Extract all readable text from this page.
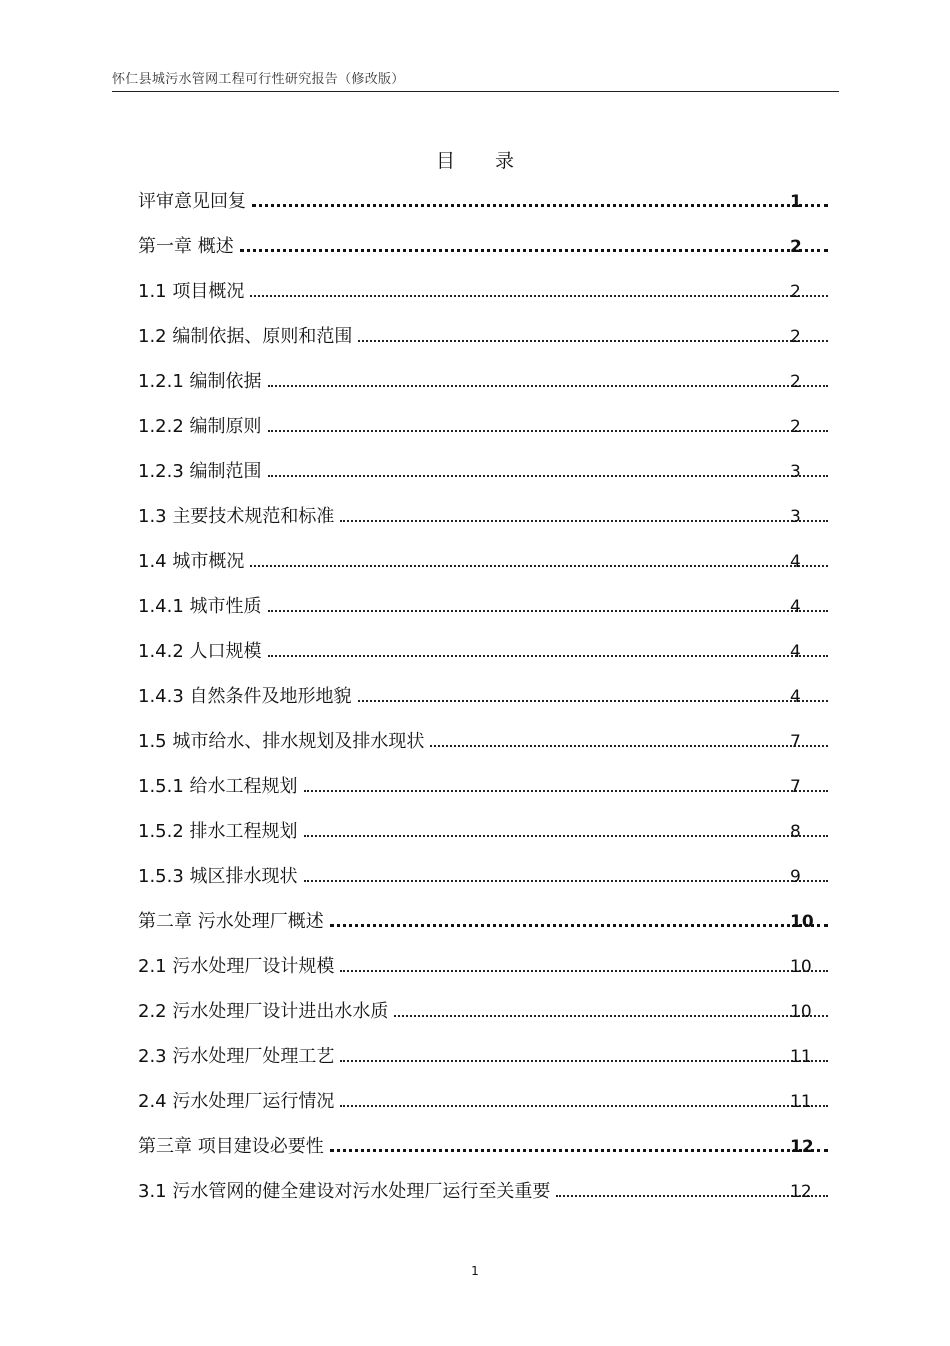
怀仁县城污水管网工程可行性研究报告（修改版）
目录
评审意见回复	1
第一章 概述	2
1.1 项目概况	2
1.2 编制依据、原则和范围	2
1.2.1 编制依据	2
1.2.2 编制原则	2
1.2.3 编制范围	3
1.3 主要技术规范和标准	3
1.4 城市概况	4
1.4.1 城市性质	4
1.4.2 人口规模	4
1.4.3 自然条件及地形地貌	4
1.5 城市给水、排水规划及排水现状	7
1.5.1 给水工程规划	7
1.5.2 排水工程规划	8
1.5.3 城区排水现状	9
第二章 污水处理厂概述	10
2.1 污水处理厂设计规模	10
2.2 污水处理厂设计进出水水质	10
2.3 污水处理厂处理工艺	11
2.4 污水处理厂运行情况	11
第三章 项目建设必要性	12
3.1 污水管网的健全建设对污水处理厂运行至关重要	12
1
